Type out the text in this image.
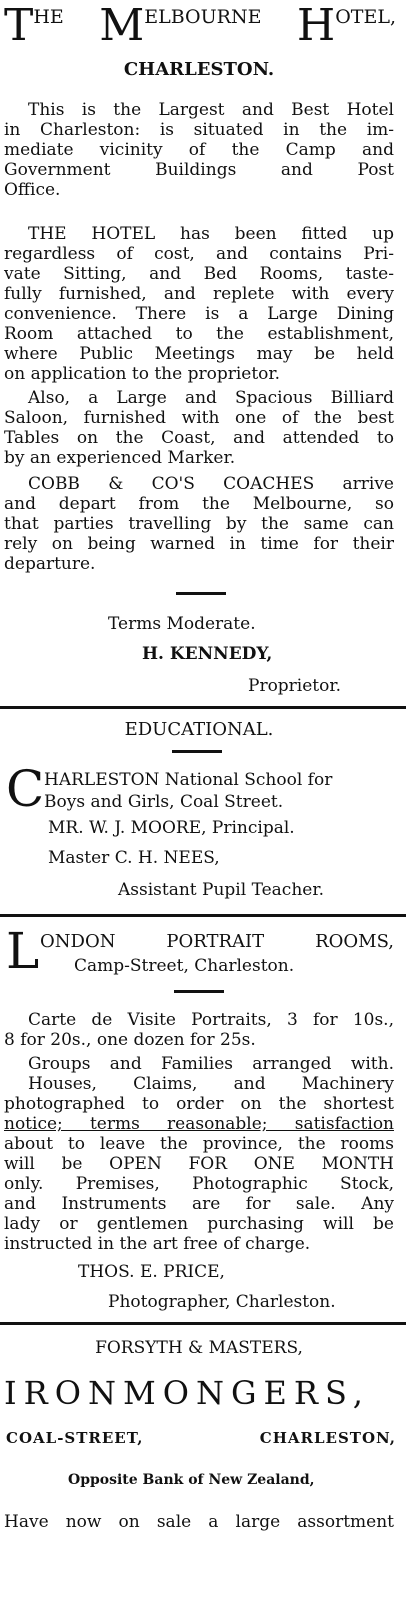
THE MELBOURNE HOTEL,
CHARLESTON.
This is the Largest and Best Hotel
in Charleston: is situated in the im-
mediate vicinity of the Camp and
Government Buildings and Post
Office.
THE HOTEL has been fitted up
regardless of cost, and contains Pri-
vate Sitting, and Bed Rooms, taste-
fully furnished, and replete with every
convenience. There is a Large Dining
Room attached to the establishment,
where Public Meetings may be held
on application to the proprietor.
Also, a Large and Spacious Billiard
Saloon, furnished with one of the best
Tables on the Coast, and attended to
by an experienced Marker.
COBB & CO'S COACHES arrive
and depart from the Melbourne, so
that parties travelling by the same can
rely on being warned in time for their
departure.
Terms Moderate.
H. KENNEDY,
Proprietor.
EDUCATIONAL.
C HARLESTON National School for
Boys and Girls, Coal Street.
MR. W. J. MOORE, Principal.
Master C. H. NEES,
Assistant Pupil Teacher.
L ONDON PORTRAIT ROOMS,
Camp-Street, Charleston.
Carte de Visite Portraits, 3 for 10s.,
8 for 20s., one dozen for 25s.
Groups and Families arranged with.
Houses, Claims, and Machinery
photographed to order on the shortest
notice; terms reasonable; satisfaction
about to leave the province, the rooms
will be OPEN FOR ONE MONTH
only. Premises, Photographic Stock,
and Instruments are for sale. Any
lady or gentlemen purchasing will be
instructed in the art free of charge.
THOS. E. PRICE,
Photographer, Charleston.
FORSYTH & MASTERS,
IRONMONGERS,
COAL-STREET,	CHARLESTON,
Opposite Bank of New Zealand,
Have now on sale a large assortment
